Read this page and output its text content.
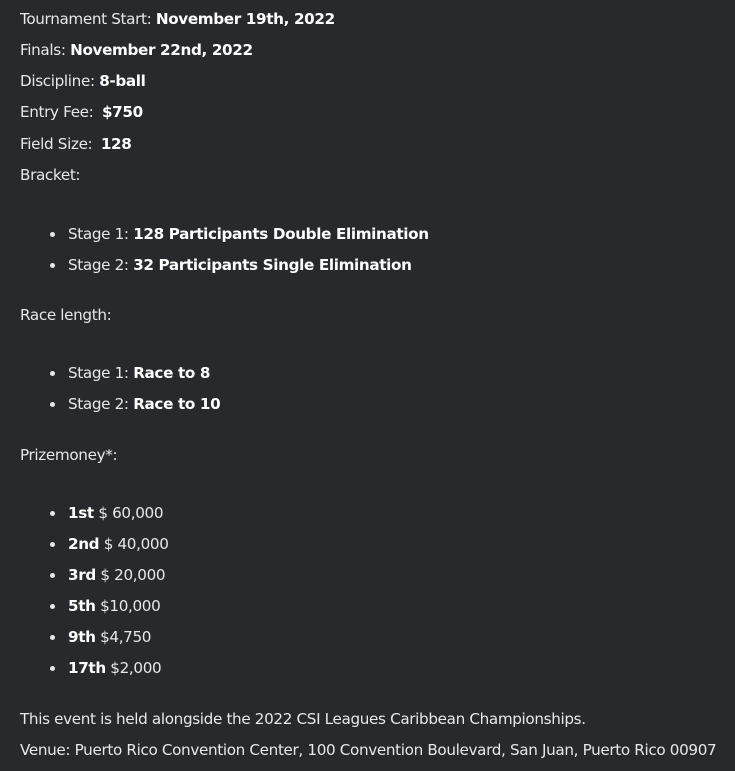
Tournament Start: November 19th, 2022
Finals: November 22nd, 2022
Discipline: 8-ball
Entry Fee: $750
Field Size: 128
Bracket:
Stage 1: 128 Participants Double Elimination
Stage 2: 32 Participants Single Elimination
Race length:
Stage 1: Race to 8
Stage 2: Race to 10
Prizemoney*:
1st $ 60,000
2nd $ 40,000
3rd $ 20,000
5th $10,000
9th $4,750
17th $2,000
This event is held alongside the 2022 CSI Leagues Caribbean Championships.
Venue: Puerto Rico Convention Center, 100 Convention Boulevard, San Juan, Puerto Rico 00907
